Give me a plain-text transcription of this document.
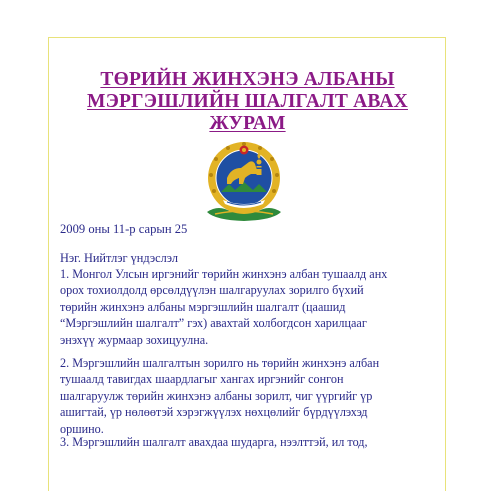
ТӨРИЙН ЖИНХЭНЭ АЛБАНЫ МЭРГЭШЛИЙН ШАЛГАЛТ АВАХ ЖУРАМ

2009 оны 11-р сарын 25

Нэг. Нийтлэг үндэслэл

1. Монгол Улсын иргэнийг төрийн жинхэнэ албан тушаалд анх
орох тохиолдолд өрсөлдүүлэн шалгаруулах зорилго бүхий
төрийн жинхэнэ албаны мэргэшлийн шалгалт (цаашид
“Мэргэшлийн шалгалт” гэх) авахтай холбогдсон харилцааг
энэхүү журмаар зохицуулна.

2. Мэргэшлийн шалгалтын зорилго нь төрийн жинхэнэ албан
тушаалд тавигдах шаардлагыг хангах иргэнийг сонгон
шалгаруулж төрийн жинхэнэ албаны зорилт, чиг үүргийг үр
ашигтай, үр нөлөөтэй хэрэгжүүлэх нөхцөлийг бүрдүүлэхэд
оршино.

3. Мэргэшлийн шалгалт авахдаа шударга, нээлттэй, ил тод,
